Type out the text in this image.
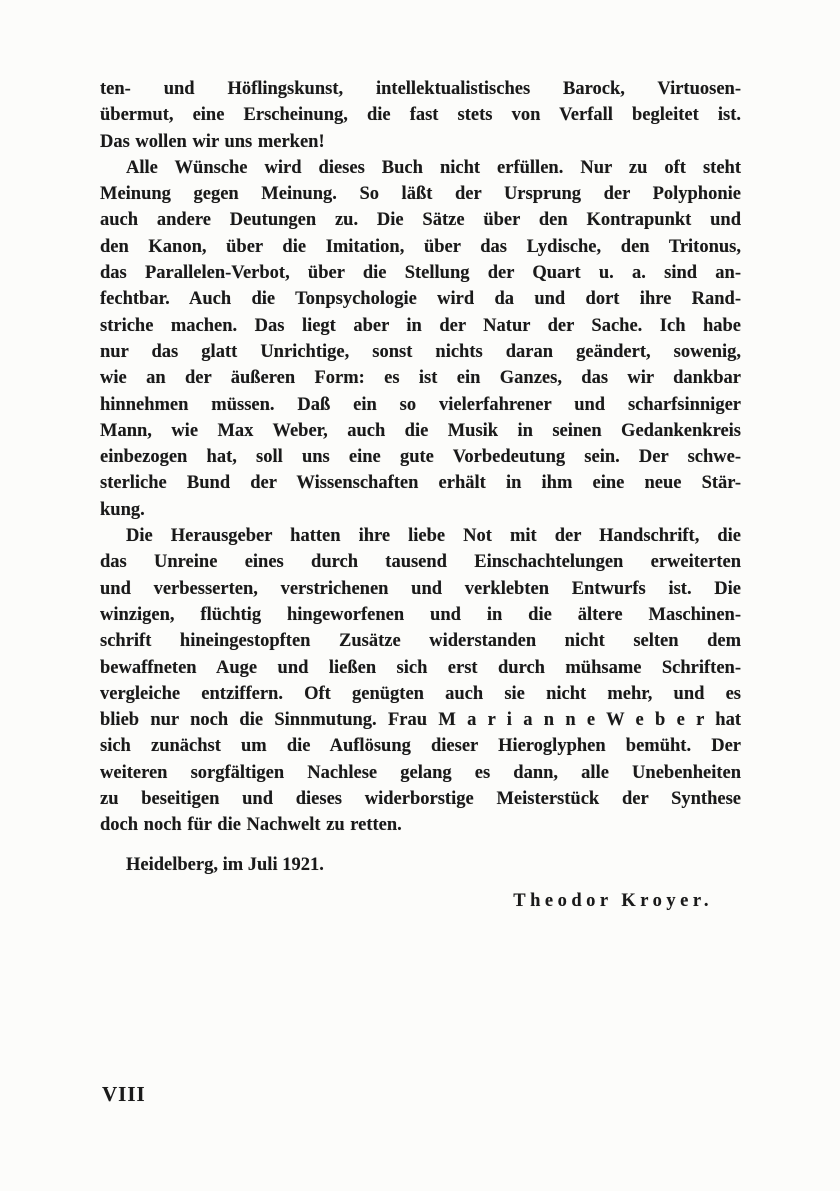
ten- und Höflingskunst, intellektualistisches Barock, Virtuosen-
übermut, eine Erscheinung, die fast stets von Verfall begleitet ist.
Das wollen wir uns merken!
Alle Wünsche wird dieses Buch nicht erfüllen. Nur zu oft steht
Meinung gegen Meinung. So läßt der Ursprung der Polyphonie
auch andere Deutungen zu. Die Sätze über den Kontrapunkt und
den Kanon, über die Imitation, über das Lydische, den Tritonus,
das Parallelen-Verbot, über die Stellung der Quart u. a. sind an-
fechtbar. Auch die Tonpsychologie wird da und dort ihre Rand-
striche machen. Das liegt aber in der Natur der Sache. Ich habe
nur das glatt Unrichtige, sonst nichts daran geändert, sowenig,
wie an der äußeren Form: es ist ein Ganzes, das wir dankbar
hinnehmen müssen. Daß ein so vielerfahrener und scharfsinniger
Mann, wie Max Weber, auch die Musik in seinen Gedankenkreis
einbezogen hat, soll uns eine gute Vorbedeutung sein. Der schwe-
sterliche Bund der Wissenschaften erhält in ihm eine neue Stär-
kung.
Die Herausgeber hatten ihre liebe Not mit der Handschrift, die
das Unreine eines durch tausend Einschachtelungen erweiterten
und verbesserten, verstrichenen und verklebten Entwurfs ist. Die
winzigen, flüchtig hingeworfenen und in die ältere Maschinen-
schrift hineingestopften Zusätze widerstanden nicht selten dem
bewaffneten Auge und ließen sich erst durch mühsame Schriften-
vergleiche entziffern. Oft genügten auch sie nicht mehr, und es
blieb nur noch die Sinnmutung. Frau M a r i a n n e W e b e r hat
sich zunächst um die Auflösung dieser Hieroglyphen bemüht. Der
weiteren sorgfältigen Nachlese gelang es dann, alle Unebenheiten
zu beseitigen und dieses widerborstige Meisterstück der Synthese
doch noch für die Nachwelt zu retten.
Heidelberg, im Juli 1921.
Theodor Kroyer.
VIII
